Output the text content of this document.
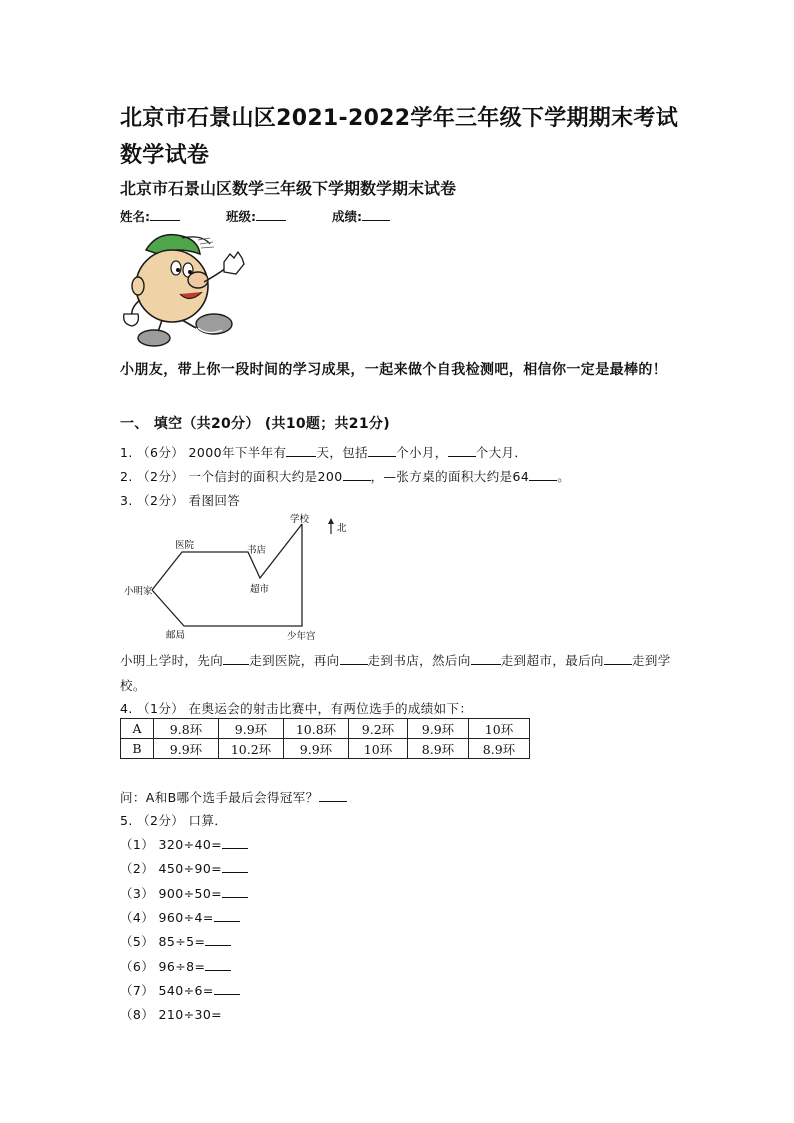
北京市石景山区2021-2022学年三年级下学期期末考试数学试卷
北京市石景山区数学三年级下学期数学期末试卷
姓名:	班级:	成绩:
小朋友，带上你一段时间的学习成果，一起来做个自我检测吧，相信你一定是最棒的！
一、 填空（共20分） (共10题；共21分)
1. （6分） 2000年下半年有 天，包括 个小月， 个大月．
2. （2分） 一个信封的面积大约是200 ，—张方桌的面积大约是64 。
3. （2分） 看图回答
学校
北
医院	书店
小明家	超市
邮局	少年宫
小明上学时，先向 走到医院，再向 走到书店，然后向 走到超市，最后向 走到学校。
4. （1分） 在奥运会的射击比赛中，有两位选手的成绩如下：
A	9.8环	9.9环	10.8环	9.2环	9.9环	10环
B	9.9环	10.2环	9.9环	10环	8.9环	8.9环
问：A和B哪个选手最后会得冠军？
5. （2分） 口算．
（1） 320÷40=
（2） 450÷90=
（3） 900÷50=
（4） 960÷4=
（5） 85÷5=
（6） 96÷8=
（7） 540÷6=
（8） 210÷30=
